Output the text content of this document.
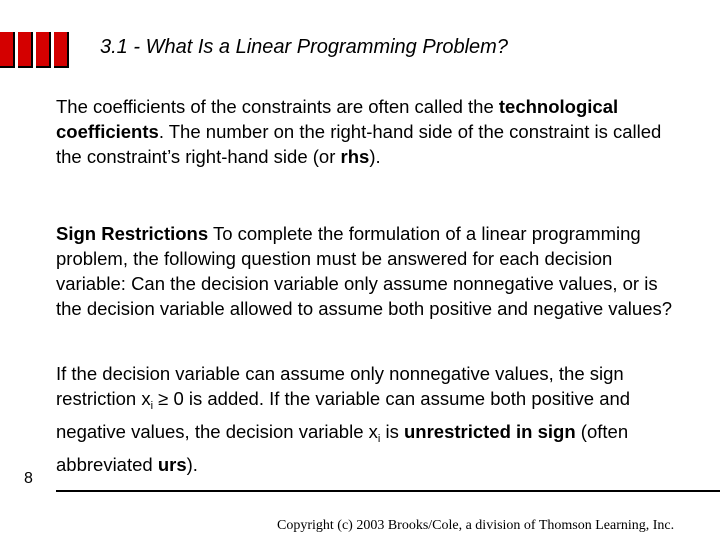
3.1 - What Is a Linear Programming Problem?
The coefficients of the constraints are often called the technological coefficients. The number on the right-hand side of the constraint is called the constraint’s right-hand side (or rhs).
Sign Restrictions To complete the formulation of a linear programming problem, the following question must be answered for each decision variable: Can the decision variable only assume nonnegative values, or is the decision variable allowed to assume both positive and negative values?
If the decision variable can assume only nonnegative values, the sign restriction $x_i \ge 0$ is added. If the variable can assume both positive and negative values, the decision variable $x_i$ is unrestricted in sign (often abbreviated urs).
8
Copyright (c) 2003 Brooks/Cole, a division of Thomson Learning, Inc.
